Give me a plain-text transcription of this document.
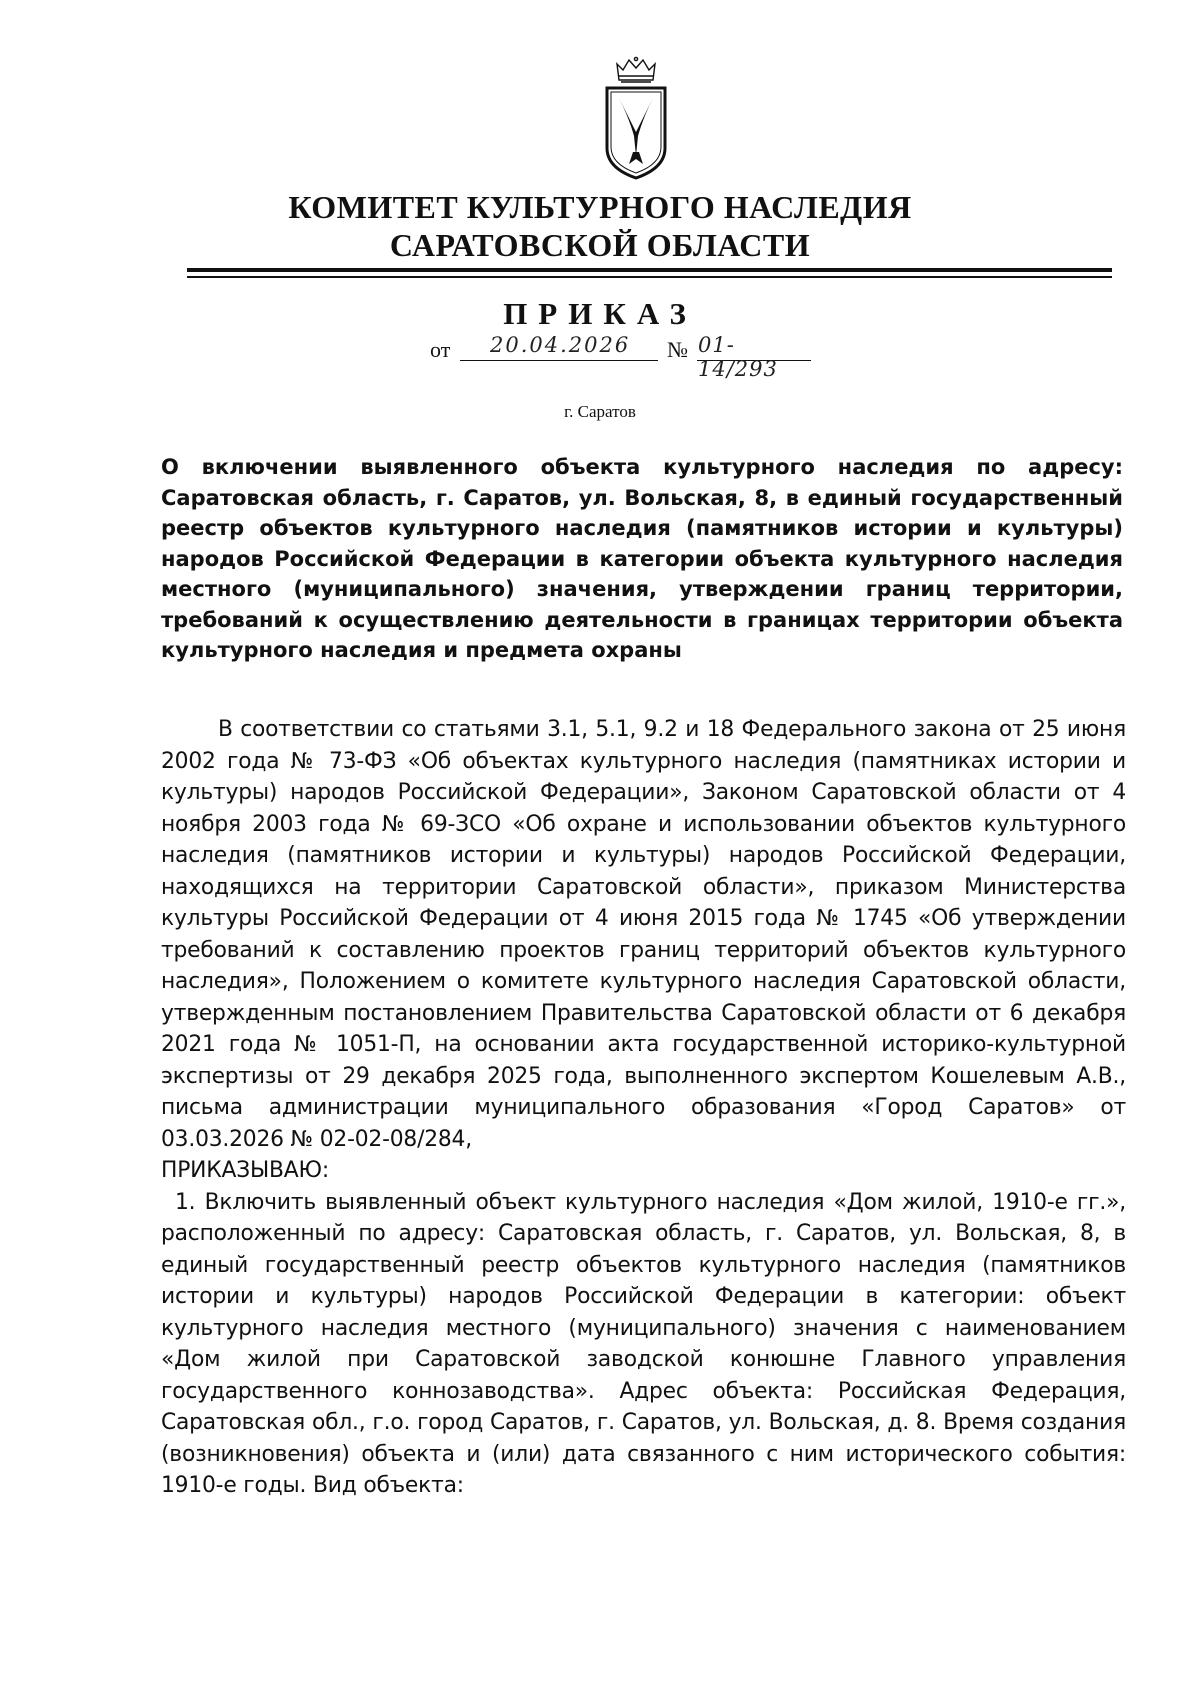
КОМИТЕТ КУЛЬТУРНОГО НАСЛЕДИЯ
САРАТОВСКОЙ ОБЛАСТИ
ПРИКАЗ
от 20.04.2026 № 01-14/293
г. Саратов
О включении выявленного объекта культурного наследия по адресу: Саратовская область, г. Саратов, ул. Вольская, 8, в единый государственный реестр объектов культурного наследия (памятников истории и культуры) народов Российской Федерации в категории объекта культурного наследия местного (муниципального) значения, утверждении границ территории, требований к осуществлению деятельности в границах территории объекта культурного наследия и предмета охраны
В соответствии со статьями 3.1, 5.1, 9.2 и 18 Федерального закона от 25 июня 2002 года № 73-ФЗ «Об объектах культурного наследия (памятниках истории и культуры) народов Российской Федерации», Законом Саратовской области от 4 ноября 2003 года № 69-ЗСО «Об охране и использовании объектов культурного наследия (памятников истории и культуры) народов Российской Федерации, находящихся на территории Саратовской области», приказом Министерства культуры Российской Федерации от 4 июня 2015 года № 1745 «Об утверждении требований к составлению проектов границ территорий объектов культурного наследия», Положением о комитете культурного наследия Саратовской области, утвержденным постановлением Правительства Саратовской области от 6 декабря 2021 года № 1051-П, на основании акта государственной историко-культурной экспертизы от 29 декабря 2025 года, выполненного экспертом Кошелевым А.В., письма администрации муниципального образования «Город Саратов» от 03.03.2026 № 02-02-08/284,
ПРИКАЗЫВАЮ:
1. Включить выявленный объект культурного наследия «Дом жилой, 1910-е гг.», расположенный по адресу: Саратовская область, г. Саратов, ул. Вольская, 8, в единый государственный реестр объектов культурного наследия (памятников истории и культуры) народов Российской Федерации в категории: объект культурного наследия местного (муниципального) значения с наименованием «Дом жилой при Саратовской заводской конюшне Главного управления государственного коннозаводства». Адрес объекта: Российская Федерация, Саратовская обл., г.о. город Саратов, г. Саратов, ул. Вольская, д. 8. Время создания (возникновения) объекта и (или) дата связанного с ним исторического события: 1910-е годы. Вид объекта:
